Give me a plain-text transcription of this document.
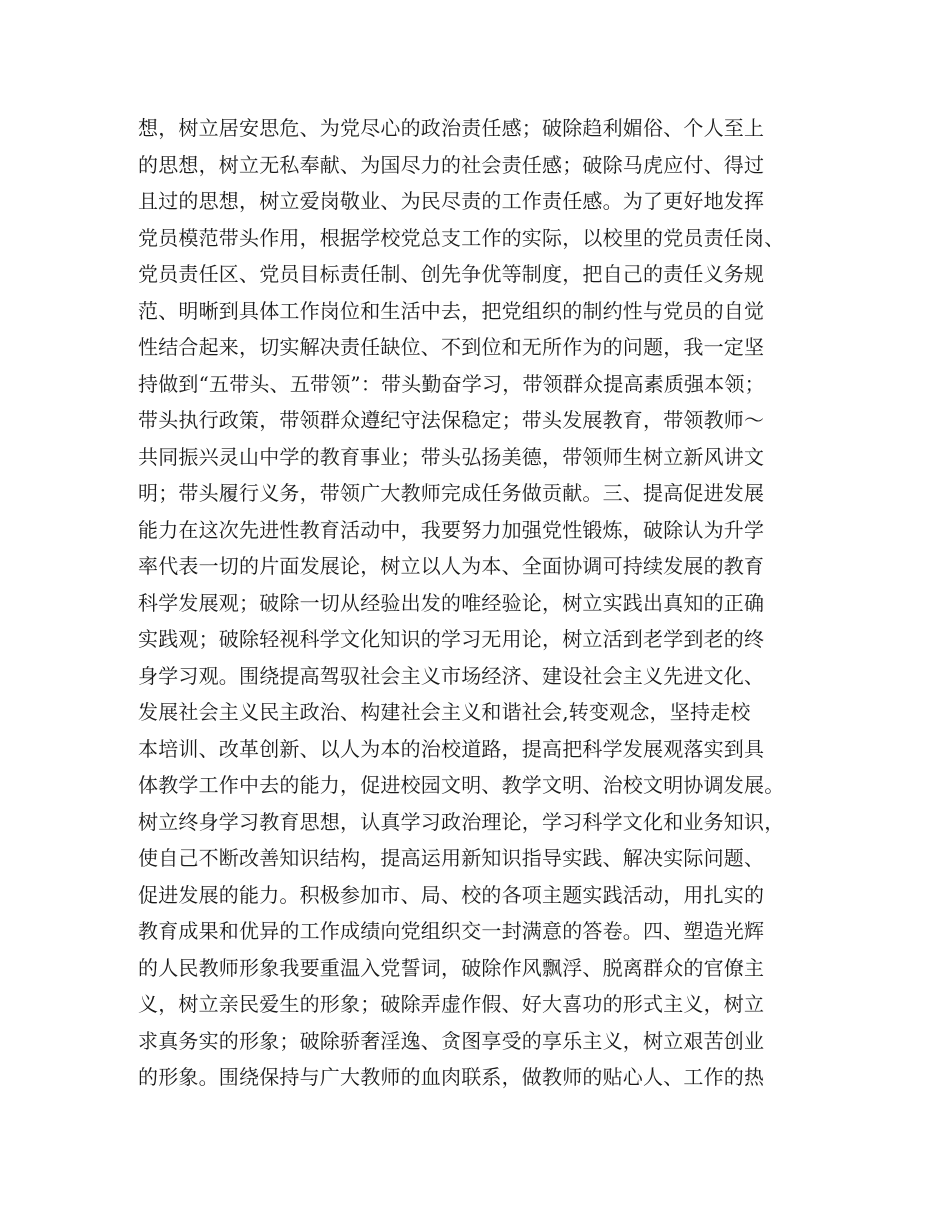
想，树立居安思危、为党尽心的政治责任感；破除趋利媚俗、个人至上
的思想，树立无私奉献、为国尽力的社会责任感；破除马虎应付、得过
且过的思想，树立爱岗敬业、为民尽责的工作责任感。为了更好地发挥
党员模范带头作用，根据学校党总支工作的实际，以校里的党员责任岗、
党员责任区、党员目标责任制、创先争优等制度，把自己的责任义务规
范、明晰到具体工作岗位和生活中去，把党组织的制约性与党员的自觉
性结合起来，切实解决责任缺位、不到位和无所作为的问题，我一定坚
持做到“五带头、五带领”：带头勤奋学习，带领群众提高素质强本领；
带头执行政策，带领群众遵纪守法保稳定；带头发展教育，带领教师～
共同振兴灵山中学的教育事业；带头弘扬美德，带领师生树立新风讲文
明；带头履行义务，带领广大教师完成任务做贡献。三、提高促进发展
能力在这次先进性教育活动中，我要努力加强党性锻炼，破除认为升学
率代表一切的片面发展论，树立以人为本、全面协调可持续发展的教育
科学发展观；破除一切从经验出发的唯经验论，树立实践出真知的正确
实践观；破除轻视科学文化知识的学习无用论，树立活到老学到老的终
身学习观。围绕提高驾驭社会主义市场经济、建设社会主义先进文化、
发展社会主义民主政治、构建社会主义和谐社会,转变观念，坚持走校
本培训、改革创新、以人为本的治校道路，提高把科学发展观落实到具
体教学工作中去的能力，促进校园文明、教学文明、治校文明协调发展。
树立终身学习教育思想，认真学习政治理论，学习科学文化和业务知识，
使自己不断改善知识结构，提高运用新知识指导实践、解决实际问题、
促进发展的能力。积极参加市、局、校的各项主题实践活动，用扎实的
教育成果和优异的工作成绩向党组织交一封满意的答卷。四、塑造光辉
的人民教师形象我要重温入党誓词，破除作风飘浮、脱离群众的官僚主
义，树立亲民爱生的形象；破除弄虚作假、好大喜功的形式主义，树立
求真务实的形象；破除骄奢淫逸、贪图享受的享乐主义，树立艰苦创业
的形象。围绕保持与广大教师的血肉联系，做教师的贴心人、工作的热
